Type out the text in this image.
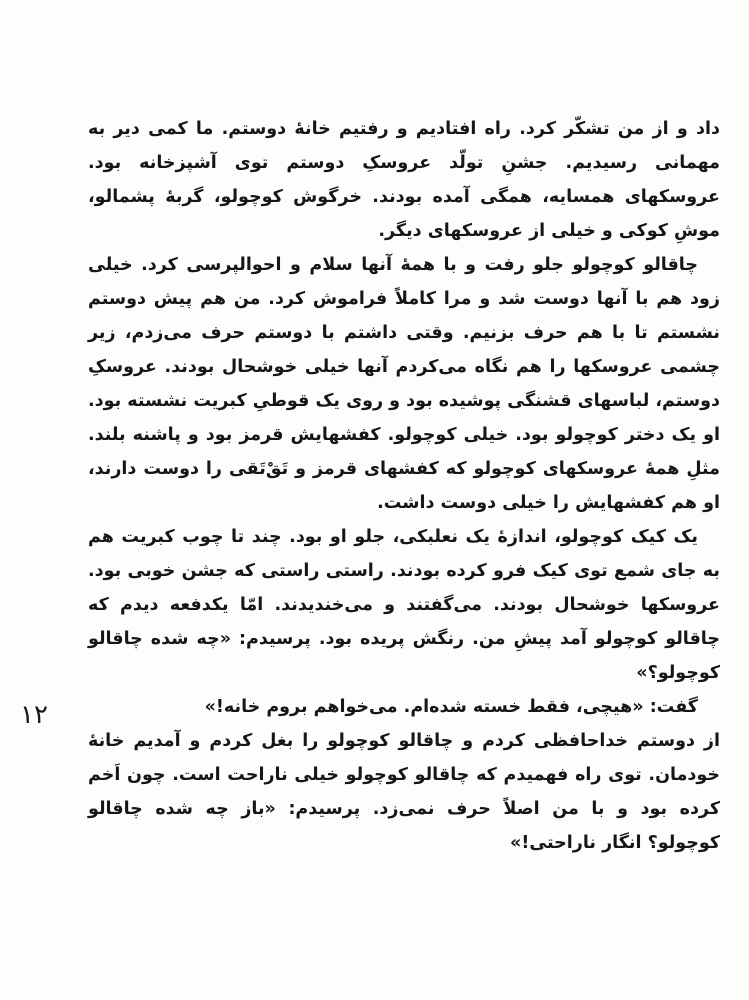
داد و از من تشکّر کرد. راه افتادیم و رفتیم خانهٔ دوستم. ما کمی دیر به مهمانی رسیدیم. جشنِ تولّد عروسکِ دوستم توی آشپزخانه بود. عروسکهای همسایه، همگی آمده بودند. خرگوش کوچولو، گربهٔ پشمالو، موشِ کوکی و خیلی از عروسکهای دیگر.

چاقالو کوچولو جلو رفت و با همهٔ آنها سلام و احوالپرسی کرد. خیلی زود هم با آنها دوست شد و مرا کاملاً فراموش کرد. من هم پیش دوستم نشستم تا با هم حرف بزنیم. وقتی داشتم با دوستم حرف می‌زدم، زیر چشمی عروسکها را هم نگاه می‌کردم آنها خیلی خوشحال بودند. عروسکِ دوستم، لباسهای قشنگی پوشیده بود و روی یک قوطیِ کبریت نشسته بود. او یک دختر کوچولو بود. خیلی کوچولو. کفشهایش قرمز بود و پاشنه بلند. مثلِ همهٔ عروسکهای کوچولو که کفشهای قرمز و تَقْ‌تَقی را دوست دارند، او هم کفشهایش را خیلی دوست داشت.

یک کیک کوچولو، اندازهٔ یک نعلبکی، جلو او بود. چند تا چوب کبریت هم به جای شمع توی کیک فرو کرده بودند. راستی راستی که جشن خوبی بود. عروسکها خوشحال بودند. می‌گفتند و می‌خندیدند. امّا یکدفعه دیدم که چاقالو کوچولو آمد پیشِ من. رنگش پریده بود. پرسیدم: «چه شده چاقالو کوچولو؟»

گفت: «هیچی، فقط خسته شده‌ام. می‌خواهم بروم خانه!»

از دوستم خداحافظی کردم و چاقالو کوچولو را بغل کردم و آمدیم خانهٔ خودمان. توی راه فهمیدم که چاقالو کوچولو خیلی ناراحت است. چون اَخم کرده بود و با من اصلاً حرف نمی‌زد. پرسیدم: «باز چه شده چاقالو کوچولو؟ انگار ناراحتی!»

۱۲
